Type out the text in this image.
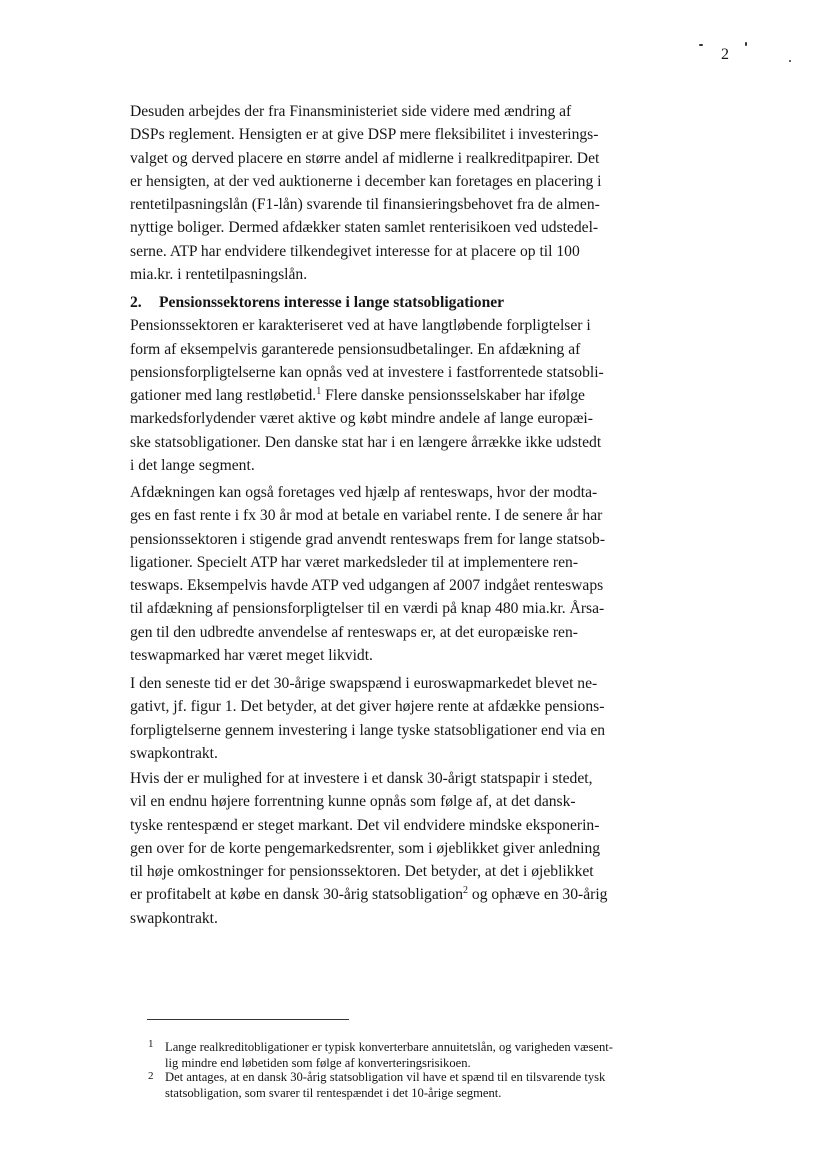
2
Desuden arbejdes der fra Finansministeriet side videre med ændring af
DSPs reglement. Hensigten er at give DSP mere fleksibilitet i investerings-
valget og derved placere en større andel af midlerne i realkreditpapirer. Det
er hensigten, at der ved auktionerne i december kan foretages en placering i
rentetilpasningslån (F1-lån) svarende til finansieringsbehovet fra de almen-
nyttige boliger. Dermed afdækker staten samlet renterisikoen ved udstedel-
serne. ATP har endvidere tilkendegivet interesse for at placere op til 100
mia.kr. i rentetilpasningslån.
2. Pensionssektorens interesse i lange statsobligationer
Pensionssektoren er karakteriseret ved at have langtløbende forpligtelser i
form af eksempelvis garanterede pensionsudbetalinger. En afdækning af
pensionsforpligtelserne kan opnås ved at investere i fastforrentede statsobli-
gationer med lang restløbetid.$^1$ Flere danske pensionsselskaber har ifølge
markedsforlydender været aktive og købt mindre andele af lange europæi-
ske statsobligationer. Den danske stat har i en længere årrække ikke udstedt
i det lange segment.
Afdækningen kan også foretages ved hjælp af renteswaps, hvor der modta-
ges en fast rente i fx 30 år mod at betale en variabel rente. I de senere år har
pensionssektoren i stigende grad anvendt renteswaps frem for lange statsob-
ligationer. Specielt ATP har været markedsleder til at implementere ren-
teswaps. Eksempelvis havde ATP ved udgangen af 2007 indgået renteswaps
til afdækning af pensionsforpligtelser til en værdi på knap 480 mia.kr. Årsa-
gen til den udbredte anvendelse af renteswaps er, at det europæiske ren-
teswapmarked har været meget likvidt.
I den seneste tid er det 30-årige swapspænd i euroswapmarkedet blevet ne-
gativt, jf. figur 1. Det betyder, at det giver højere rente at afdække pensions-
forpligtelserne gennem investering i lange tyske statsobligationer end via en
swapkontrakt.
Hvis der er mulighed for at investere i et dansk 30-årigt statspapir i stedet,
vil en endnu højere forrentning kunne opnås som følge af, at det dansk-
tyske rentespænd er steget markant. Det vil endvidere mindske eksponerin-
gen over for de korte pengemarkedsrenter, som i øjeblikket giver anledning
til høje omkostninger for pensionssektoren. Det betyder, at det i øjeblikket
er profitabelt at købe en dansk 30-årig statsobligation$^2$ og ophæve en 30-årig
swapkontrakt.
1 Lange realkreditobligationer er typisk konverterbare annuitetslån, og varigheden væsent-
lig mindre end løbetiden som følge af konverteringsrisikoen.
2 Det antages, at en dansk 30-årig statsobligation vil have et spænd til en tilsvarende tysk
statsobligation, som svarer til rentespændet i det 10-årige segment.
